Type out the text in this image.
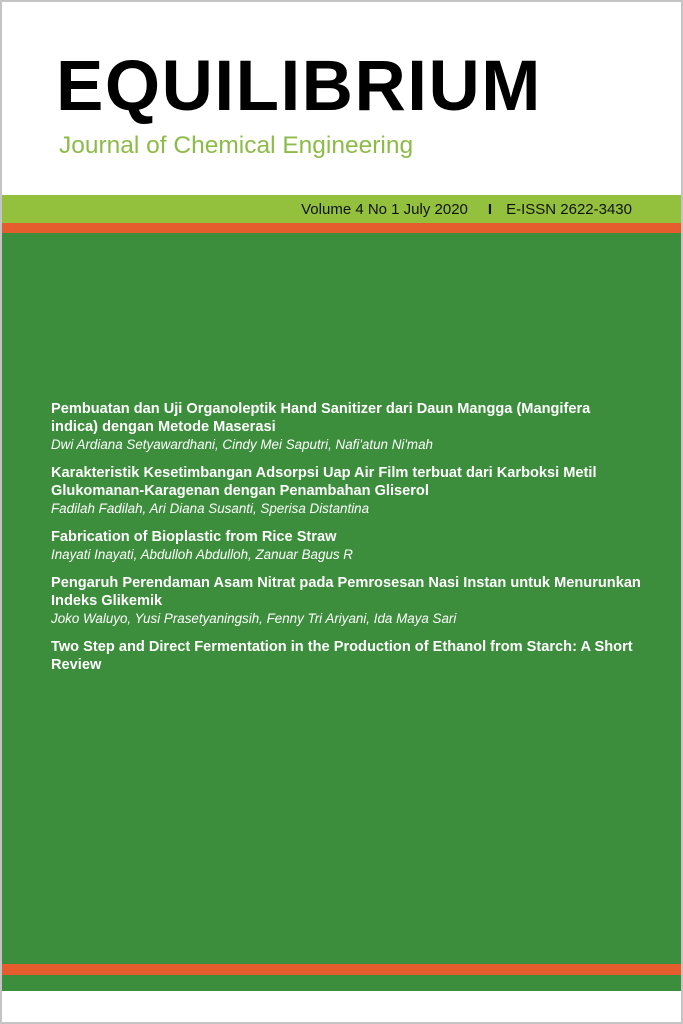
EQUILIBRIUM
Journal of Chemical Engineering
Volume 4 No 1 July 2020 I E-ISSN 2622-3430

Pembuatan dan Uji Organoleptik Hand Sanitizer dari Daun Mangga (Mangifera indica) dengan Metode Maserasi

Dwi Ardiana Setyawardhani, Cindy Mei Saputri, Nafi'atun Ni'mah

Karakteristik Kesetimbangan Adsorpsi Uap Air Film terbuat dari Karboksi Metil Glukomanan-Karagenan dengan Penambahan Gliserol

Fadilah Fadilah, Ari Diana Susanti, Sperisa Distantina

Fabrication of Bioplastic from Rice Straw

Inayati Inayati, Abdulloh Abdulloh, Zanuar Bagus R

Pengaruh Perendaman Asam Nitrat pada Pemrosesan Nasi Instan untuk Menurunkan Indeks Glikemik

Joko Waluyo, Yusi Prasetyaningsih, Fenny Tri Ariyani, Ida Maya Sari

Two Step and Direct Fermentation in the Production of Ethanol from Starch: A Short Review
